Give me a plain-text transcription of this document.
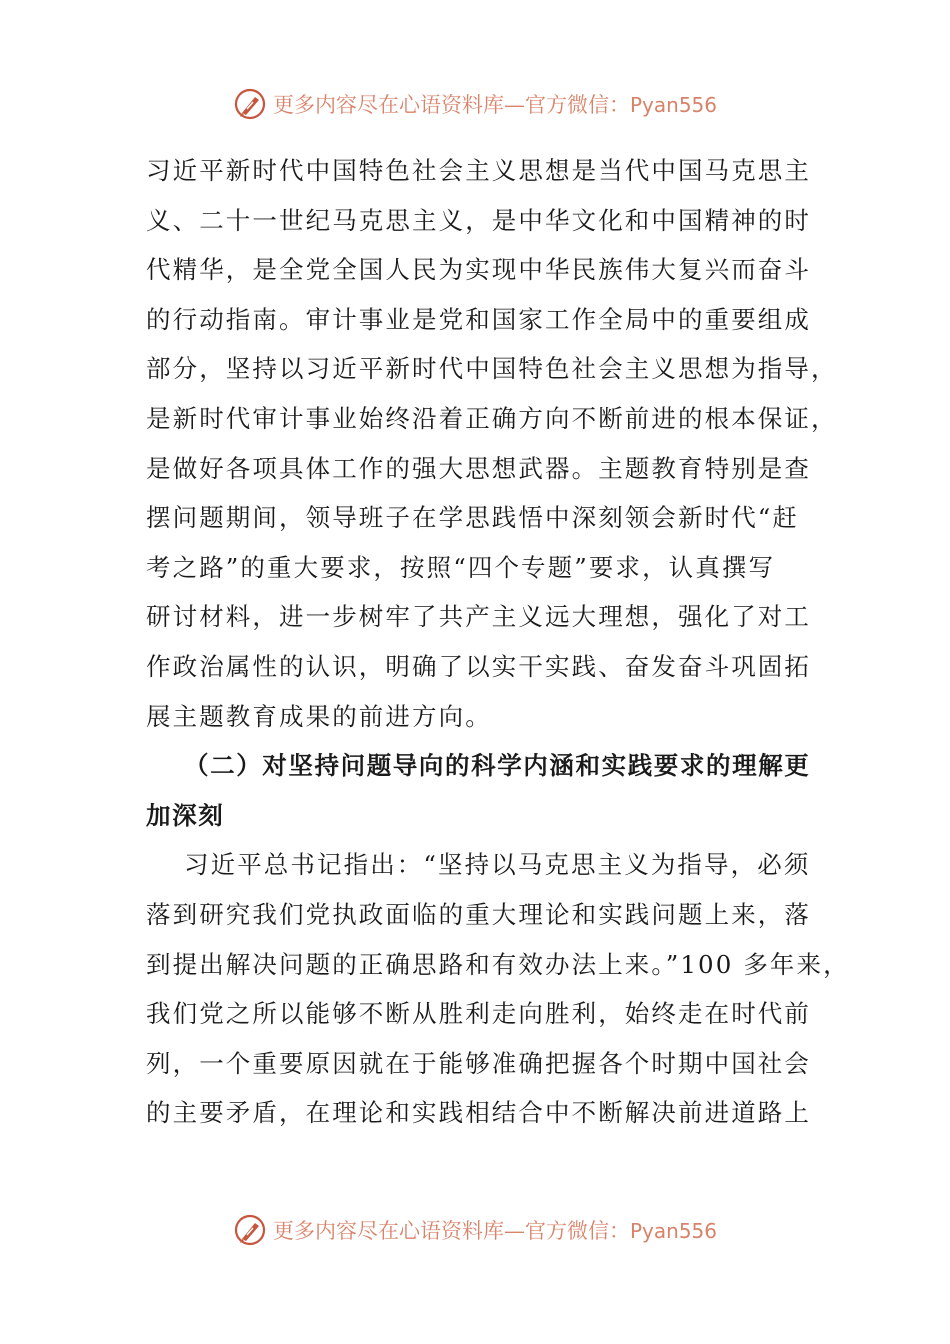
更多内容尽在心语资料库—官方微信：Pyan556

习近平新时代中国特色社会主义思想是当代中国马克思主
义、二十一世纪马克思主义，是中华文化和中国精神的时
代精华，是全党全国人民为实现中华民族伟大复兴而奋斗
的行动指南。审计事业是党和国家工作全局中的重要组成
部分，坚持以习近平新时代中国特色社会主义思想为指导，
是新时代审计事业始终沿着正确方向不断前进的根本保证，
是做好各项具体工作的强大思想武器。主题教育特别是查
摆问题期间，领导班子在学思践悟中深刻领会新时代“赶
考之路”的重大要求，按照“四个专题”要求，认真撰写
研讨材料，进一步树牢了共产主义远大理想，强化了对工
作政治属性的认识，明确了以实干实践、奋发奋斗巩固拓
展主题教育成果的前进方向。

（二）对坚持问题导向的科学内涵和实践要求的理解更
加深刻

习近平总书记指出：“坚持以马克思主义为指导，必须
落到研究我们党执政面临的重大理论和实践问题上来，落
到提出解决问题的正确思路和有效办法上来。”100 多年来，
我们党之所以能够不断从胜利走向胜利，始终走在时代前
列，一个重要原因就在于能够准确把握各个时期中国社会
的主要矛盾，在理论和实践相结合中不断解决前进道路上

更多内容尽在心语资料库—官方微信：Pyan556
